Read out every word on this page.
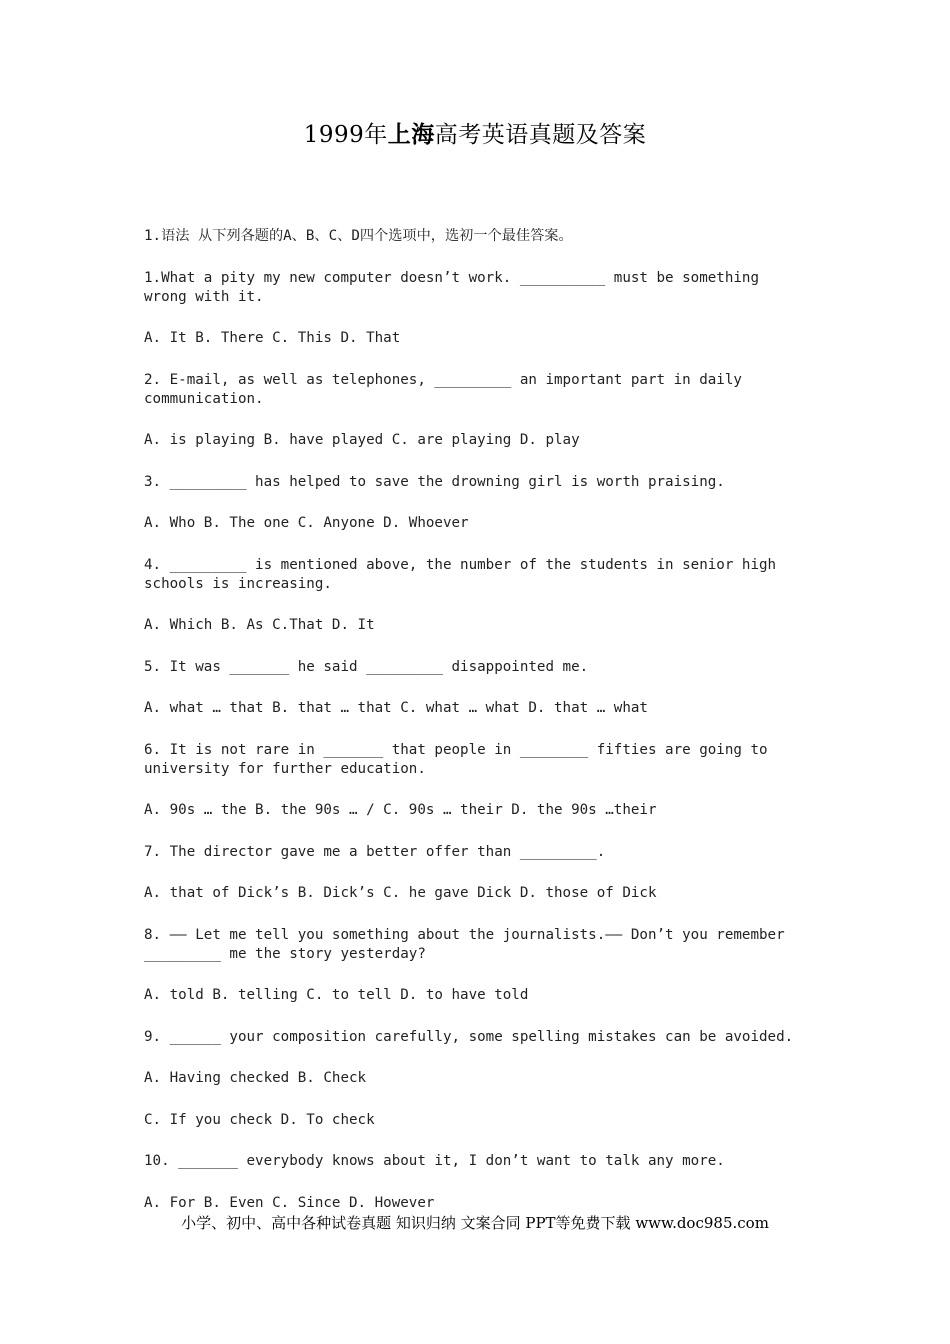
1999年上海高考英语真题及答案

1.语法 从下列各题的A、B、C、D四个选项中，选初一个最佳答案。

1.What a pity my new computer doesn’t work. __________ must be something wrong with it.

A. It B. There C. This D. That

2. E-mail, as well as telephones, _________ an important part in daily communication.

A. is playing B. have played C. are playing D. play

3. _________ has helped to save the drowning girl is worth praising.

A. Who B. The one C. Anyone D. Whoever

4. _________ is mentioned above, the number of the students in senior high schools is increasing.

A. Which B. As C.That D. It

5. It was _______ he said _________ disappointed me.

A. what … that B. that … that C. what … what D. that … what

6. It is not rare in _______ that people in ________ fifties are going to university for further education.

A. 90s … the B. the 90s … / C. 90s … their D. the 90s …their

7. The director gave me a better offer than _________.

A. that of Dick’s B. Dick’s C. he gave Dick D. those of Dick

8. —— Let me tell you something about the journalists.—— Don’t you remember _________ me the story yesterday?

A. told B. telling C. to tell D. to have told

9. ______ your composition carefully, some spelling mistakes can be avoided.

A. Having checked B. Check

C. If you check D. To check

10. _______ everybody knows about it, I don’t want to talk any more.

A. For B. Even C. Since D. However

小学、初中、高中各种试卷真题 知识归纳 文案合同 PPT等免费下载 www.doc985.com
